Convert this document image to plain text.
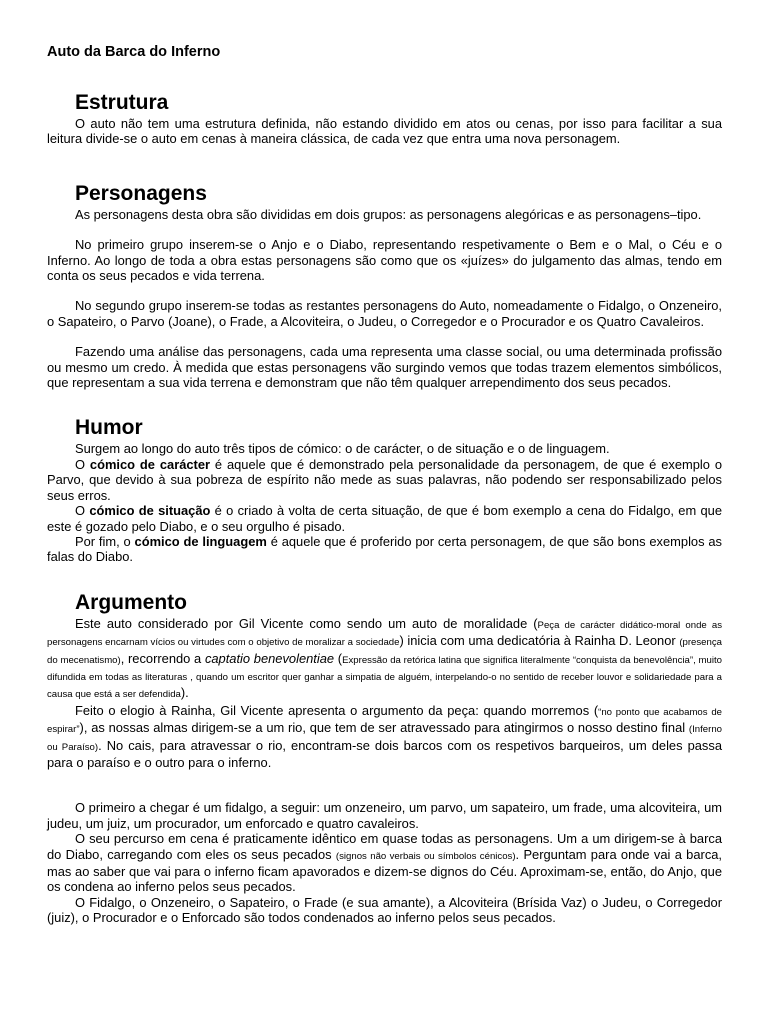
Auto da Barca do Inferno
Estrutura

O auto não tem uma estrutura definida, não estando dividido em atos ou cenas, por isso para facilitar a sua leitura divide-se o auto em cenas à maneira clássica, de cada vez que entra uma nova personagem.

Personagens

As personagens desta obra são divididas em dois grupos: as personagens alegóricas e as personagens–tipo.

No primeiro grupo inserem-se o Anjo e o Diabo, representando respetivamente o Bem e o Mal, o Céu e o Inferno. Ao longo de toda a obra estas personagens são como que os «juízes» do julgamento das almas, tendo em conta os seus pecados e vida terrena.

No segundo grupo inserem-se todas as restantes personagens do Auto, nomeadamente o Fidalgo, o Onzeneiro, o Sapateiro, o Parvo (Joane), o Frade, a Alcoviteira, o Judeu, o Corregedor e o Procurador e os Quatro Cavaleiros.

Fazendo uma análise das personagens, cada uma representa uma classe social, ou uma determinada profissão ou mesmo um credo. À medida que estas personagens vão surgindo vemos que todas trazem elementos simbólicos, que representam a sua vida terrena e demonstram que não têm qualquer arrependimento dos seus pecados.

Humor

Surgem ao longo do auto três tipos de cómico: o de carácter, o de situação e o de linguagem.

O cómico de carácter é aquele que é demonstrado pela personalidade da personagem, de que é exemplo o Parvo, que devido à sua pobreza de espírito não mede as suas palavras, não podendo ser responsabilizado pelos seus erros.

O cómico de situação é o criado à volta de certa situação, de que é bom exemplo a cena do Fidalgo, em que este é gozado pelo Diabo, e o seu orgulho é pisado.

Por fim, o cómico de linguagem é aquele que é proferido por certa personagem, de que são bons exemplos as falas do Diabo.

Argumento

Este auto considerado por Gil Vicente como sendo um auto de moralidade (Peça de carácter didático-moral onde as personagens encarnam vícios ou virtudes com o objetivo de moralizar a sociedade) inicia com uma dedicatória à Rainha D. Leonor (presença do mecenatismo), recorrendo a captatio benevolentiae (Expressão da retórica latina que significa literalmente “conquista da benevolência”, muito difundida em todas as literaturas , quando um escritor quer ganhar a simpatia de alguém, interpelando-o no sentido de receber louvor e solidariedade para a causa que está a ser defendida).

Feito o elogio à Rainha, Gil Vicente apresenta o argumento da peça: quando morremos (“no ponto que acabamos de espirar”), as nossas almas dirigem-se a um rio, que tem de ser atravessado para atingirmos o nosso destino final (Inferno ou Paraíso). No cais, para atravessar o rio, encontram-se dois barcos com os respetivos barqueiros, um deles passa para o paraíso e o outro para o inferno.

O primeiro a chegar é um fidalgo, a seguir: um onzeneiro, um parvo, um sapateiro, um frade, uma alcoviteira, um judeu, um juiz, um procurador, um enforcado e quatro cavaleiros.

O seu percurso em cena é praticamente idêntico em quase todas as personagens. Um a um dirigem-se à barca do Diabo, carregando com eles os seus pecados (signos não verbais ou símbolos cénicos). Perguntam para onde vai a barca, mas ao saber que vai para o inferno ficam apavorados e dizem-se dignos do Céu. Aproximam-se, então, do Anjo, que os condena ao inferno pelos seus pecados.

O Fidalgo, o Onzeneiro, o Sapateiro, o Frade (e sua amante), a Alcoviteira (Brísida Vaz) o Judeu, o Corregedor (juiz), o Procurador e o Enforcado são todos condenados ao inferno pelos seus pecados.
